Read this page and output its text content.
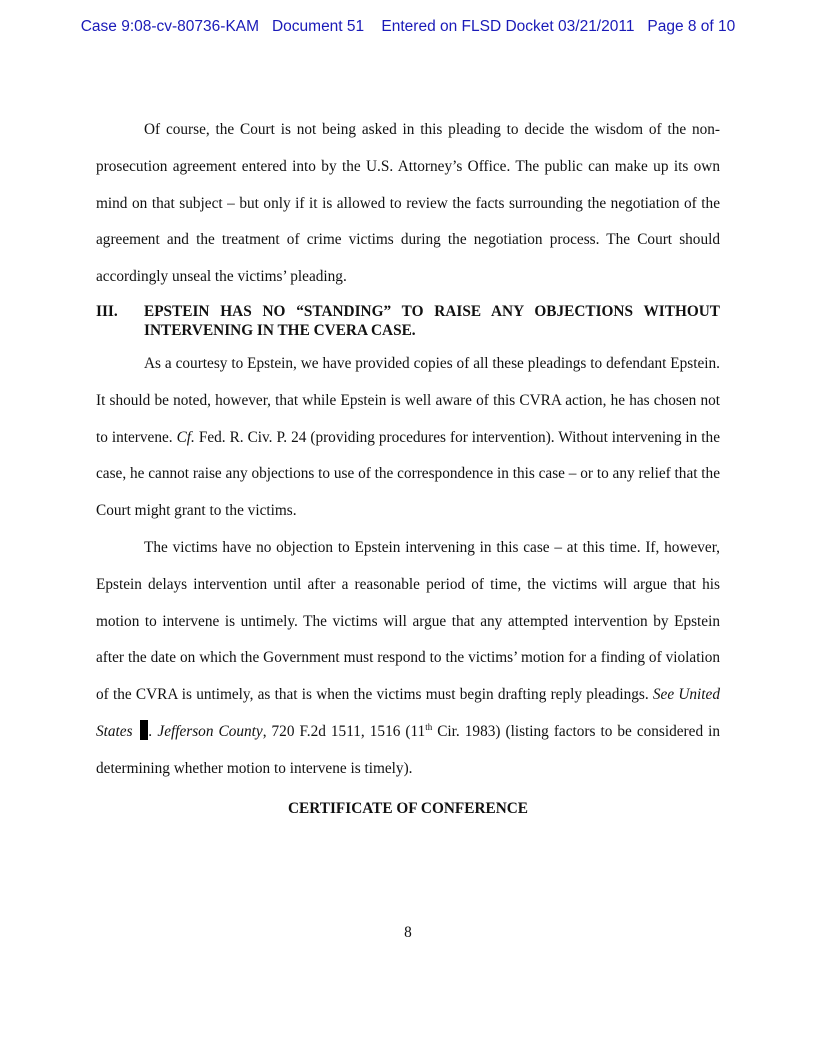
Case 9:08-cv-80736-KAM Document 51 Entered on FLSD Docket 03/21/2011 Page 8 of 10

Of course, the Court is not being asked in this pleading to decide the wisdom of the non-prosecution agreement entered into by the U.S. Attorney’s Office. The public can make up its own mind on that subject – but only if it is allowed to review the facts surrounding the negotiation of the agreement and the treatment of crime victims during the negotiation process. The Court should accordingly unseal the victims’ pleading.

III.	EPSTEIN HAS NO “STANDING” TO RAISE ANY OBJECTIONS WITHOUT INTERVENING IN THE CVERA CASE.

As a courtesy to Epstein, we have provided copies of all these pleadings to defendant Epstein. It should be noted, however, that while Epstein is well aware of this CVRA action, he has chosen not to intervene. Cf. Fed. R. Civ. P. 24 (providing procedures for intervention). Without intervening in the case, he cannot raise any objections to use of the correspondence in this case – or to any relief that the Court might grant to the victims.

The victims have no objection to Epstein intervening in this case – at this time. If, however, Epstein delays intervention until after a reasonable period of time, the victims will argue that his motion to intervene is untimely. The victims will argue that any attempted intervention by Epstein after the date on which the Government must respond to the victims’ motion for a finding of violation of the CVRA is untimely, as that is when the victims must begin drafting reply pleadings. See United States . Jefferson County, 720 F.2d 1511, 1516 (11th Cir. 1983) (listing factors to be considered in determining whether motion to intervene is timely).

CERTIFICATE OF CONFERENCE
8
